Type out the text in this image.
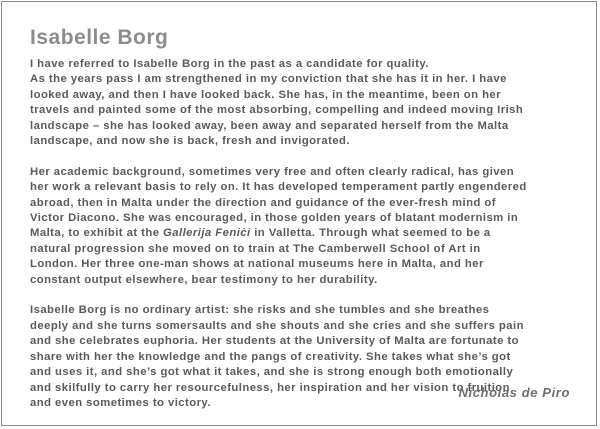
Isabelle Borg

I have referred to Isabelle Borg in the past as a candidate for quality.
As the years pass I am strengthened in my conviction that she has it in her. I have
looked away, and then I have looked back. She has, in the meantime, been on her
travels and painted some of the most absorbing, compelling and indeed moving Irish
landscape – she has looked away, been away and separated herself from the Malta
landscape, and now she is back, fresh and invigorated.

Her academic background, sometimes very free and often clearly radical, has given
her work a relevant basis to rely on. It has developed temperament partly engendered
abroad, then in Malta under the direction and guidance of the ever-fresh mind of
Victor Diacono. She was encouraged, in those golden years of blatant modernism in
Malta, to exhibit at the Gallerija Feniċi in Valletta. Through what seemed to be a
natural progression she moved on to train at The Camberwell School of Art in
London. Her three one-man shows at national museums here in Malta, and her
constant output elsewhere, bear testimony to her durability.

Isabelle Borg is no ordinary artist: she risks and she tumbles and she breathes
deeply and she turns somersaults and she shouts and she cries and she suffers pain
and she celebrates euphoria. Her students at the University of Malta are fortunate to
share with her the knowledge and the pangs of creativity. She takes what she’s got
and uses it, and she’s got what it takes, and she is strong enough both emotionally
and skilfully to carry her resourcefulness, her inspiration and her vision to fruition
and even sometimes to victory.

Nicholas de Piro
